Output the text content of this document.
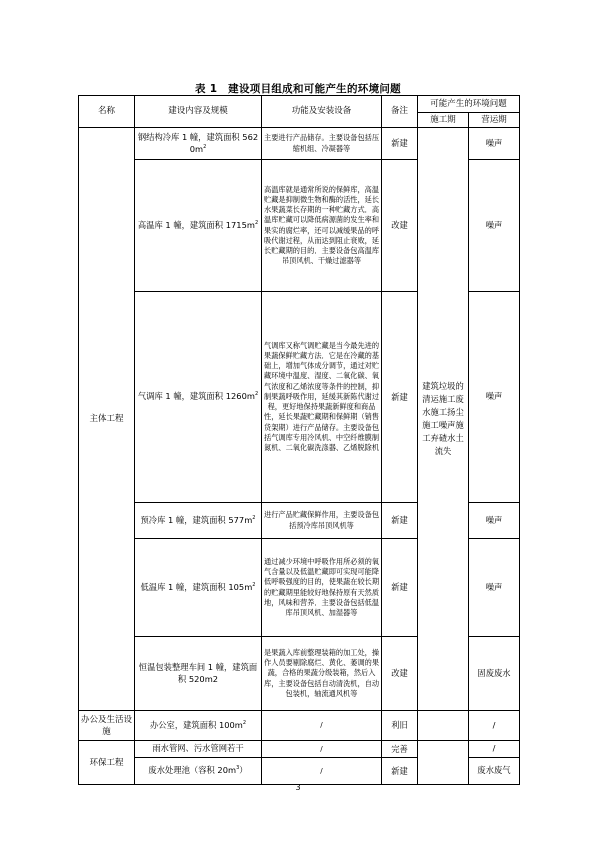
表 1　建设项目组成和可能产生的环境问题
名称	建设内容及规模	功能及安装设备	备注	可能产生的环境问题	
				施工期	营运期
主体工程	钢结构冷库 1 幢，建筑面积 $5620m^2$	主要进行产品储存。主要设备包括压缩机组、冷凝器等	新建	建筑垃圾的清运施工废水施工扬尘施工噪声施工弃碴水土流失	噪声
	高温库 1 幢，建筑面积 $1715m^2$	高温库就是通常所说的保鲜库，高温贮藏是抑制微生物和酶的活性，延长水果蔬菜长存期的一种贮藏方式．高温库贮藏可以降低病源菌的发生率和果实的腐烂率，还可以减缓果品的呼吸代谢过程，从而达到阻止衰败，延长贮藏期的目的．主要设备包高温库吊顶风机、干燥过滤器等	改建		噪声
	气调库 1 幢，建筑面积 $1260m^2$	气调库又称气调贮藏是当今最先进的果蔬保鲜贮藏方法．它是在冷藏的基础上，增加气体成分调节，通过对贮藏环境中温度、湿度、二氧化碳、氧气浓度和乙烯浓度等条件的控制，抑制果蔬呼吸作用，延缓其新陈代谢过程，更好地保持果蔬新鲜度和商品性，延长果蔬贮藏期和保鲜期（销售货架期）进行产品储存。主要设备包括气调库专用冷风机、中空纤维膜制氮机、二氧化碳洗涤器、乙烯脱除机	新建		噪声
	预冷库 1 幢，建筑面积 $577m^2$	进行产品贮藏保鲜作用，主要设备包括预冷库吊顶风机等	新建		噪声
	低温库 1 幢，建筑面积 $105m^2$	通过减少环境中呼吸作用所必须的氧气含量以及低温贮藏即可实现可能降低呼吸强度的目的，使果蔬在较长期的贮藏期里能较好地保持原有天然质地，风味和营养．主要设备包括低温库吊顶风机、加湿器等	新建		噪声
	恒温包装整理车间 1 幢，建筑面积 520m2	是果蔬入库前整理装箱的加工处，操作人员要剔除腐烂、黄化、萎调的果蔬，合格的果蔬分级装箱，然后入库，主要设备包括自动清洗机，自动包装机，轴流通风机等	改建		固废废水
办公及生活设施	办公室，建筑面积 $100m^2$	/	利旧		/
环保工程	雨水管网、污水管网若干	/	完善		/
	废水处理池（容积 $20m^3$）	/	新建		废水废气
3
